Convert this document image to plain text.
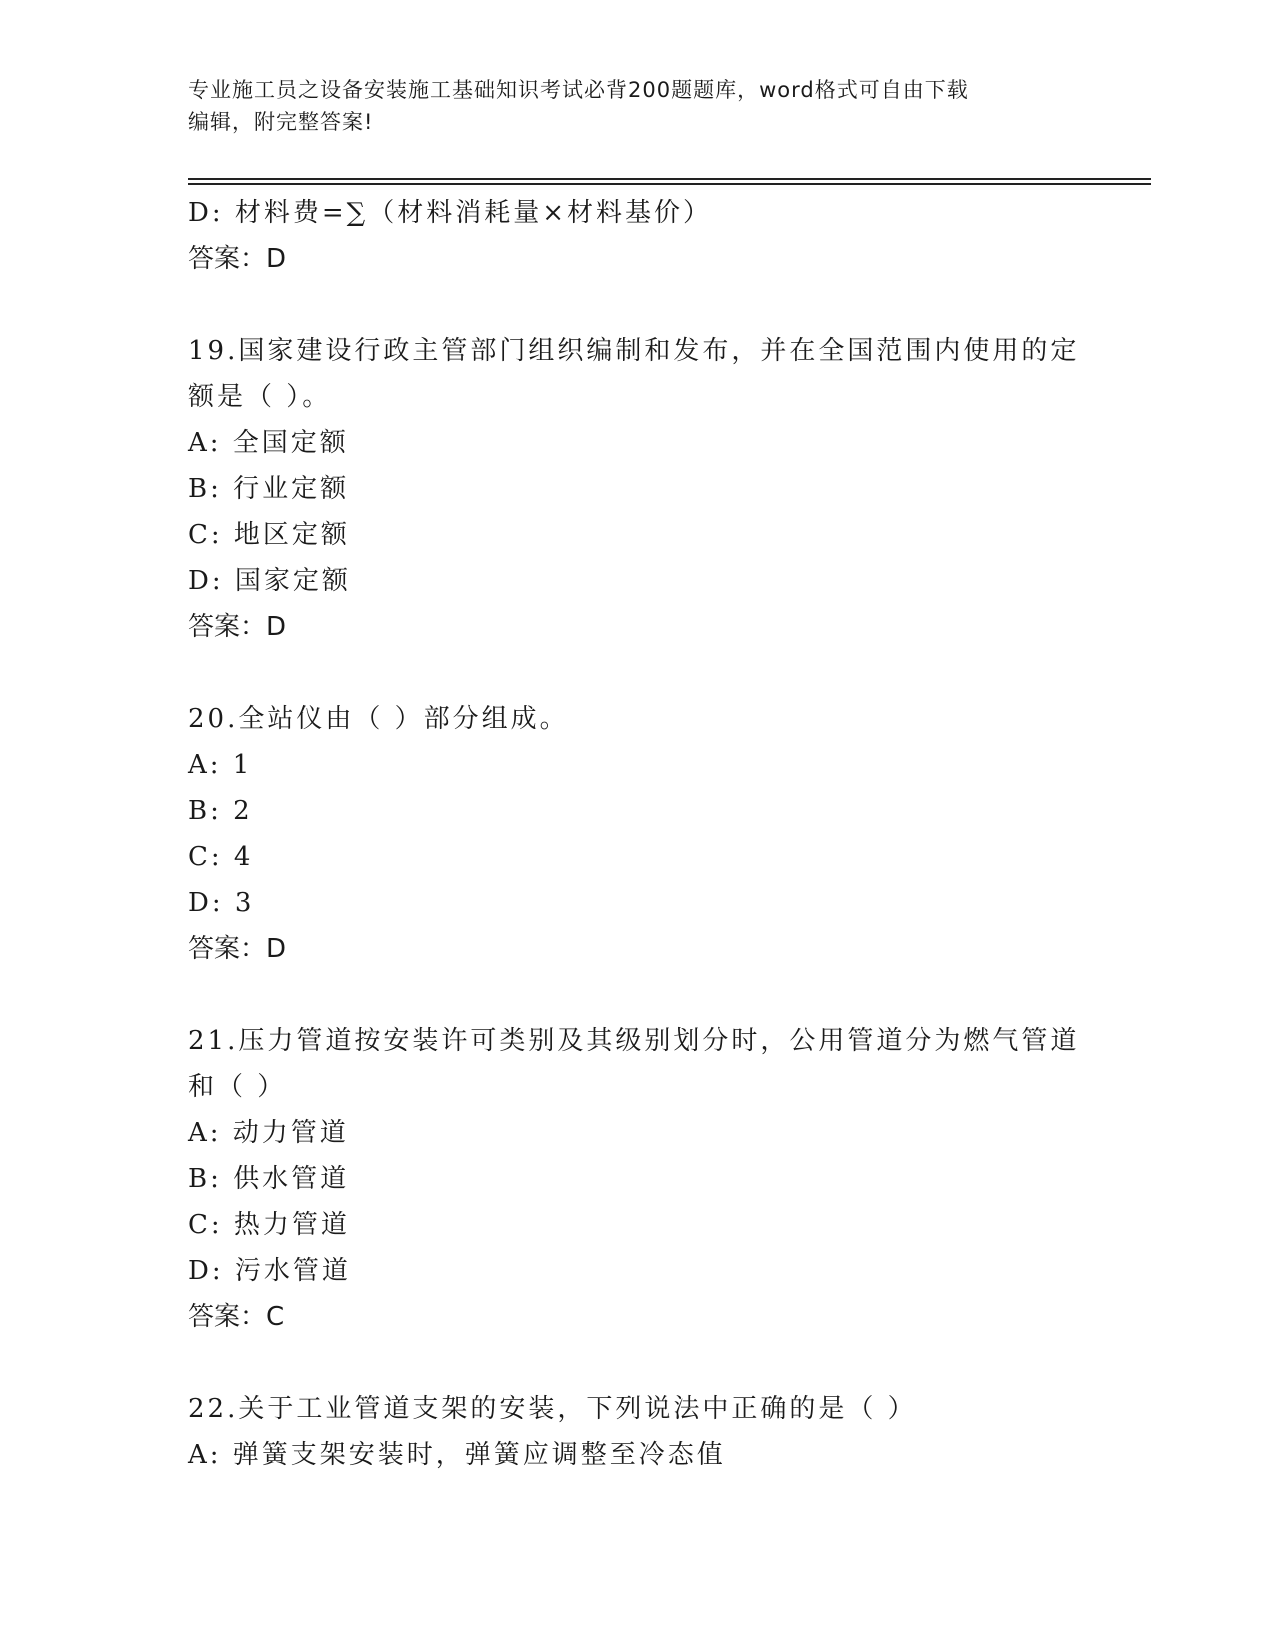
专业施工员之设备安装施工基础知识考试必背200题题库，word格式可自由下载
编辑，附完整答案!
D: 材料费=∑（材料消耗量×材料基价）
答案：D
19.国家建设行政主管部门组织编制和发布，并在全国范围内使用的定
额是（ ）。
A: 全国定额
B: 行业定额
C: 地区定额
D: 国家定额
答案：D
20.全站仪由（ ）部分组成。
A: 1
B: 2
C: 4
D: 3
答案：D
21.压力管道按安装许可类别及其级别划分时，公用管道分为燃气管道
和（ ）
A: 动力管道
B: 供水管道
C: 热力管道
D: 污水管道
答案：C
22.关于工业管道支架的安装，下列说法中正确的是（ ）
A: 弹簧支架安装时，弹簧应调整至冷态值
